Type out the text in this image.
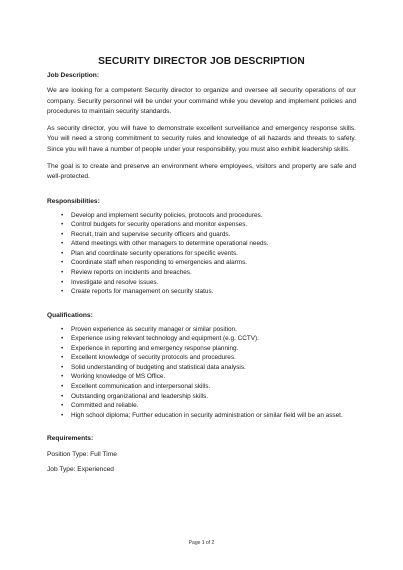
SECURITY DIRECTOR JOB DESCRIPTION
Job Description:
We are looking for a competent Security director to organize and oversee all security operations of our company. Security personnel will be under your command while you develop and implement policies and procedures to maintain security standards.
As security director, you will have to demonstrate excellent surveillance and emergency response skills. You will need a strong commitment to security rules and knowledge of all hazards and threats to safety. Since you will have a number of people under your responsibility, you must also exhibit leadership skills.
The goal is to create and preserve an environment where employees, visitors and property are safe and well-protected.
Responsibilities:
• Develop and implement security policies, protocols and procedures.
• Control budgets for security operations and monitor expenses.
• Recruit, train and supervise security officers and guards.
• Attend meetings with other managers to determine operational needs.
• Plan and coordinate security operations for specific events.
• Coordinate staff when responding to emergencies and alarms.
• Review reports on incidents and breaches.
• Investigate and resolve issues.
• Create reports for management on security status.
Qualifications:
• Proven experience as security manager or similar position.
• Experience using relevant technology and equipment (e.g. CCTV).
• Experience in reporting and emergency response planning.
• Excellent knowledge of security protocols and procedures.
• Solid understanding of budgeting and statistical data analysis.
• Working knowledge of MS Office.
• Excellent communication and interpersonal skills.
• Outstanding organizational and leadership skills.
• Committed and reliable.
• High school diploma; Further education in security administration or similar field will be an asset.
Requirements:
Position Type: Full Time
Job Type: Experienced
Page 1 of 2
